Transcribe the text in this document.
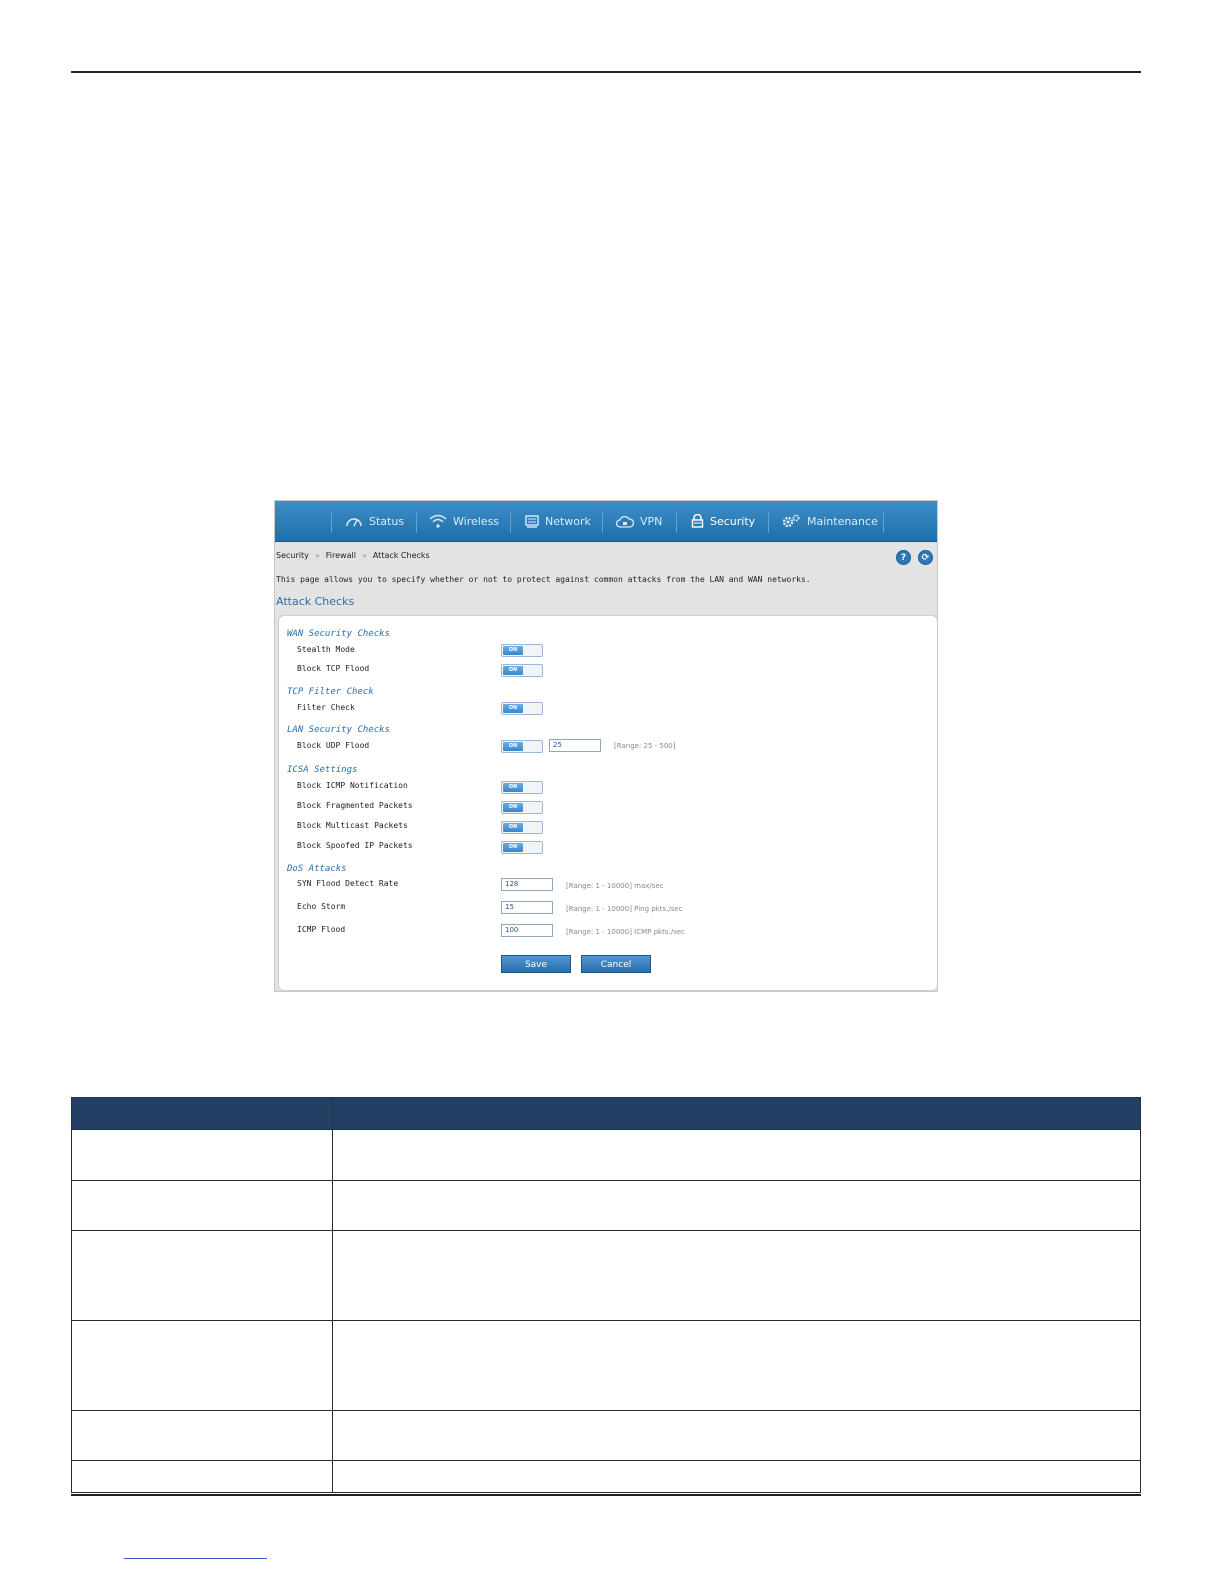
Status	Wireless	Network	VPN	Security	Maintenance
Security » Firewall » Attack Checks	?	⟳
This page allows you to specify whether or not to protect against common attacks from the LAN and WAN networks.
Attack Checks
WAN Security Checks
Stealth Mode	ON
Block TCP Flood	ON
TCP Filter Check
Filter Check	ON
LAN Security Checks
Block UDP Flood	ON	25	[Range: 25 - 500]
ICSA Settings
Block ICMP Notification	ON
Block Fragmented Packets	ON
Block Multicast Packets	ON
Block Spoofed IP Packets	ON
DoS Attacks
SYN Flood Detect Rate	128	[Range: 1 - 10000] max/sec
Echo Storm	15	[Range: 1 - 10000] Ping pkts./sec
ICMP Flood	100	[Range: 1 - 10000] ICMP pkts./sec
Save	Cancel
